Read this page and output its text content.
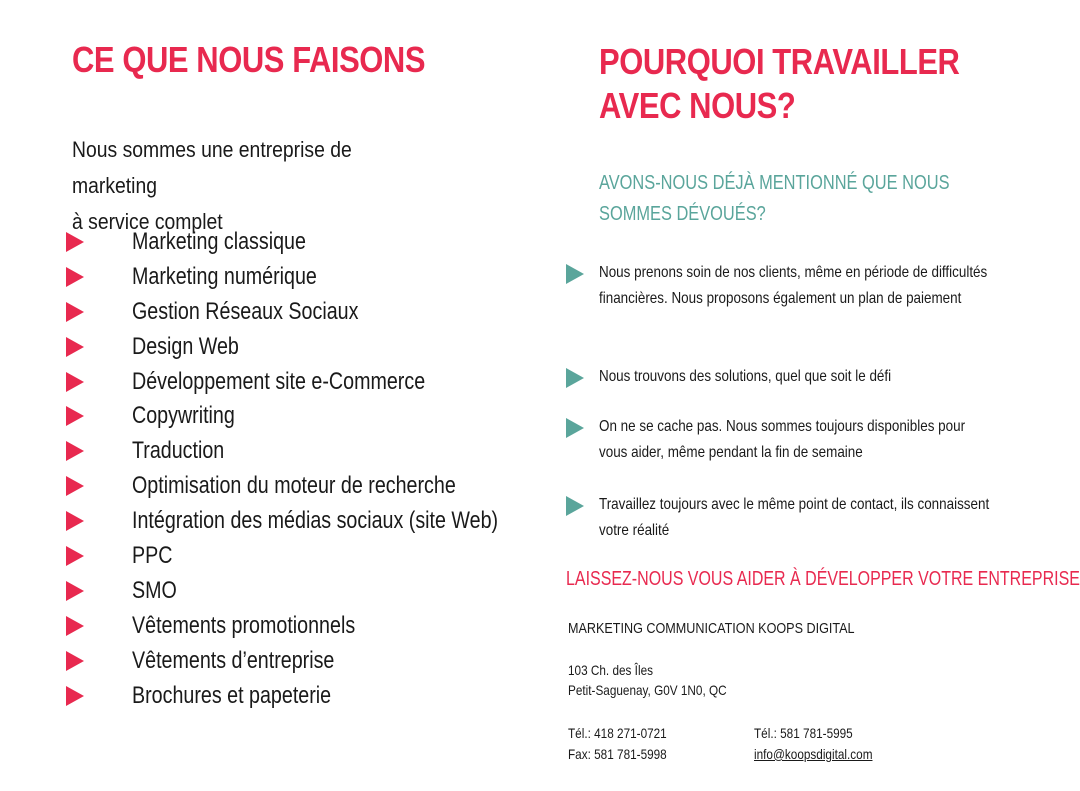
CE QUE NOUS FAISONS
Nous sommes une entreprise de marketing
à service complet
Marketing classique
Marketing numérique
Gestion Réseaux Sociaux
Design Web
Développement site e-Commerce
Copywriting
Traduction
Optimisation du moteur de recherche
Intégration des médias sociaux (site Web)
PPC
SMO
Vêtements promotionnels
Vêtements d’entreprise
Brochures et papeterie
POURQUOI TRAVAILLER
AVEC NOUS?
AVONS-NOUS DÉJÀ MENTIONNÉ QUE NOUS
SOMMES DÉVOUÉS?
Nous prenons soin de nos clients, même en période de difficultés financières. Nous proposons également un plan de paiement
Nous trouvons des solutions, quel que soit le défi
On ne se cache pas. Nous sommes toujours disponibles pour vous aider, même pendant la fin de semaine
Travaillez toujours avec le même point de contact, ils connaissent votre réalité
LAISSEZ-NOUS VOUS AIDER À DÉVELOPPER VOTRE ENTREPRISE
MARKETING COMMUNICATION KOOPS DIGITAL
103 Ch. des Îles
Petit-Saguenay, G0V 1N0, QC
Tél.: 418 271-0721
Fax: 581 781-5998
Tél.: 581 781-5995
info@koopsdigital.com
